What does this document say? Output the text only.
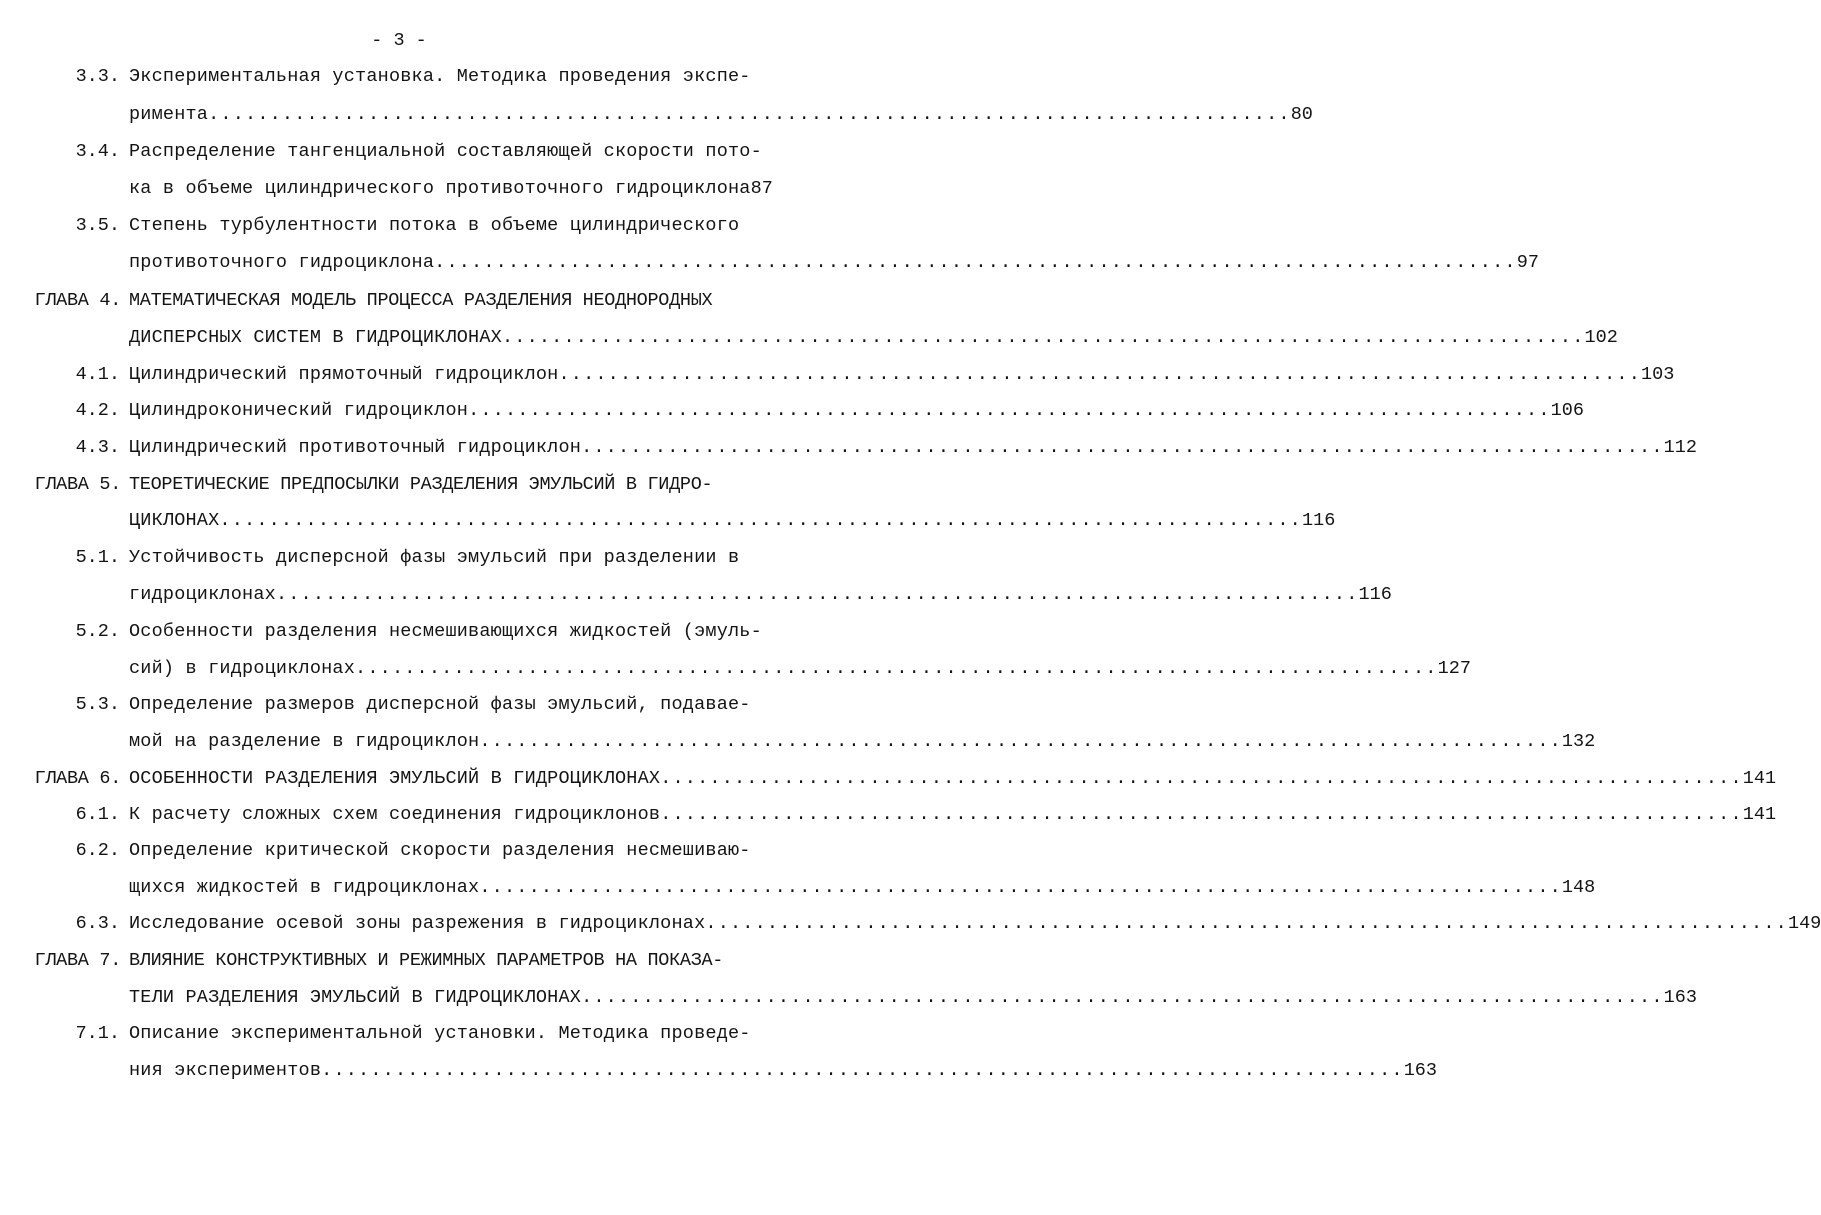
- 3 -
3.3. Экспериментальная установка. Методика проведения экспе-
римента ........................................................................................ 80
3.4. Распределение тангенциальной составляющей скорости пото-
ка в объеме цилиндрического противоточного гидроциклона 87
3.5. Степень турбулентности потока в объеме цилиндрического
противоточного гидроциклона ........................................................................................ 97
ГЛАВА 4. МАТЕМАТИЧЕСКАЯ МОДЕЛЬ ПРОЦЕССА РАЗДЕЛЕНИЯ НЕОДНОРОДНЫХ
ДИСПЕРСНЫХ СИСТЕМ В ГИДРОЦИКЛОНАХ ........................................................................................ 102
4.1. Цилиндрический прямоточный гидроциклон ........................................................................................ 103
4.2. Цилиндроконический гидроциклон ........................................................................................ 106
4.3. Цилиндрический противоточный гидроциклон ........................................................................................ 112
ГЛАВА 5. ТЕОРЕТИЧЕСКИЕ ПРЕДПОСЫЛКИ РАЗДЕЛЕНИЯ ЭМУЛЬСИЙ В ГИДРО-
ЦИКЛОНАХ ........................................................................................ 116
5.1. Устойчивость дисперсной фазы эмульсий при разделении в
гидроциклонах ........................................................................................ 116
5.2. Особенности разделения несмешивающихся жидкостей (эмуль-
сий) в гидроциклонах ........................................................................................ 127
5.3. Определение размеров дисперсной фазы эмульсий, подавае-
мой на разделение в гидроциклон ........................................................................................ 132
ГЛАВА 6. ОСОБЕННОСТИ РАЗДЕЛЕНИЯ ЭМУЛЬСИЙ В ГИДРОЦИКЛОНАХ ........................................................................................ 141
6.1. К расчету сложных схем соединения гидроциклонов ........................................................................................ 141
6.2. Определение критической скорости разделения несмешиваю-
щихся жидкостей в гидроциклонах ........................................................................................ 148
6.3. Исследование осевой зоны разрежения в гидроциклонах ........................................................................................ 149
ГЛАВА 7. ВЛИЯНИЕ КОНСТРУКТИВНЫХ И РЕЖИМНЫХ ПАРАМЕТРОВ НА ПОКАЗА-
ТЕЛИ РАЗДЕЛЕНИЯ ЭМУЛЬСИЙ В ГИДРОЦИКЛОНАХ ........................................................................................ 163
7.1. Описание экспериментальной установки. Методика проведе-
ния экспериментов ........................................................................................ 163
